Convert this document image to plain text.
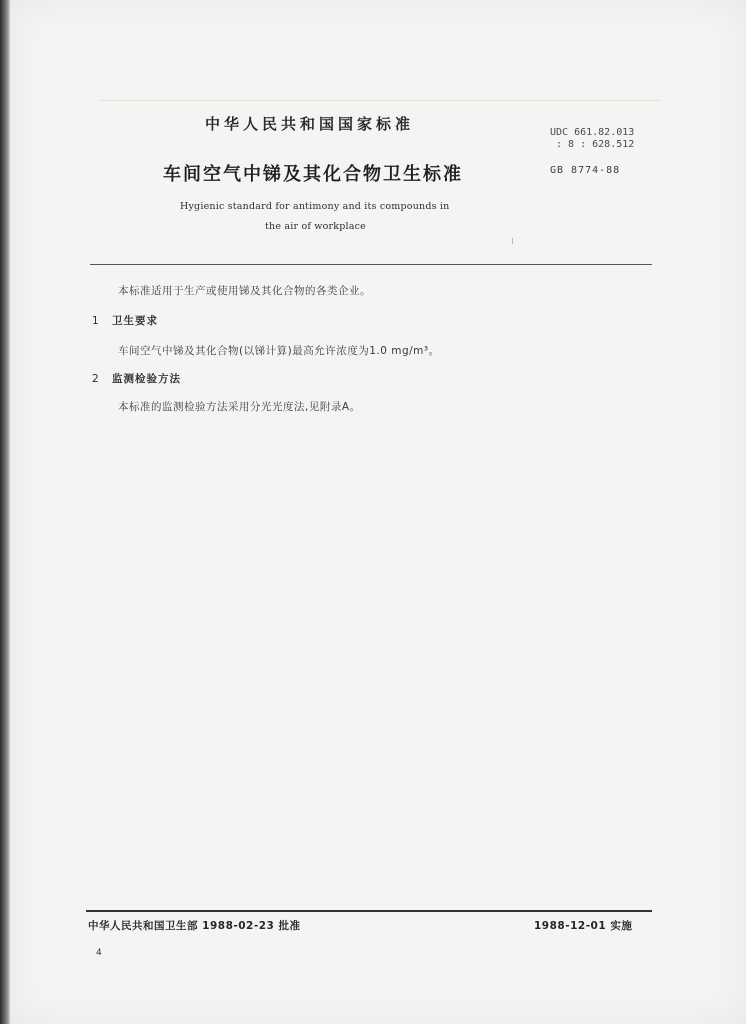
中华人民共和国国家标准	UDC 661.82.013
: 8 : 628.512
车间空气中锑及其化合物卫生标准	GB 8774-88
Hygienic standard for antimony and its compounds in
the air of workplace
本标准适用于生产或使用锑及其化合物的各类企业。
1 卫生要求
车间空气中锑及其化合物(以锑计算)最高允许浓度为1.0 mg/m³。
2 监测检验方法
本标准的监测检验方法采用分光光度法,见附录A。
中华人民共和国卫生部 1988-02-23 批准	1988-12-01 实施
4
